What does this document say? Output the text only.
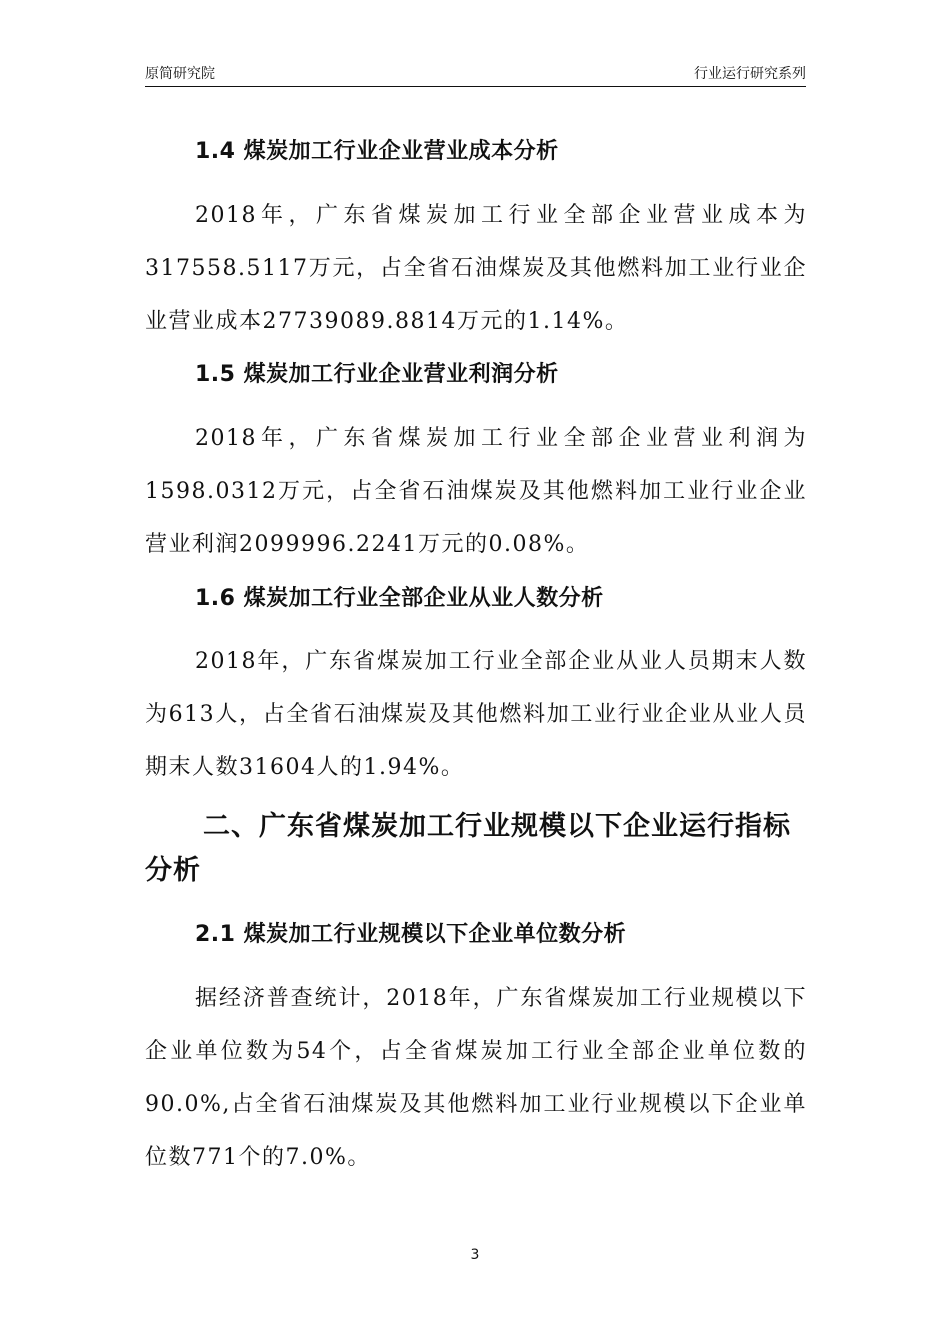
原简研究院	行业运行研究系列
1.4 煤炭加工行业企业营业成本分析
2018年，广东省煤炭加工行业全部企业营业成本为317558.5117万元，占全省石油煤炭及其他燃料加工业行业企业营业成本27739089.8814万元的1.14%。
1.5 煤炭加工行业企业营业利润分析
2018年，广东省煤炭加工行业全部企业营业利润为1598.0312万元，占全省石油煤炭及其他燃料加工业行业企业营业利润2099996.2241万元的0.08%。
1.6 煤炭加工行业全部企业从业人数分析
2018年，广东省煤炭加工行业全部企业从业人员期末人数为613人，占全省石油煤炭及其他燃料加工业行业企业从业人员期末人数31604人的1.94%。
二、广东省煤炭加工行业规模以下企业运行指标分析
2.1 煤炭加工行业规模以下企业单位数分析
据经济普查统计，2018年，广东省煤炭加工行业规模以下企业单位数为54个，占全省煤炭加工行业全部企业单位数的90.0%,占全省石油煤炭及其他燃料加工业行业规模以下企业单位数771个的7.0%。
3
